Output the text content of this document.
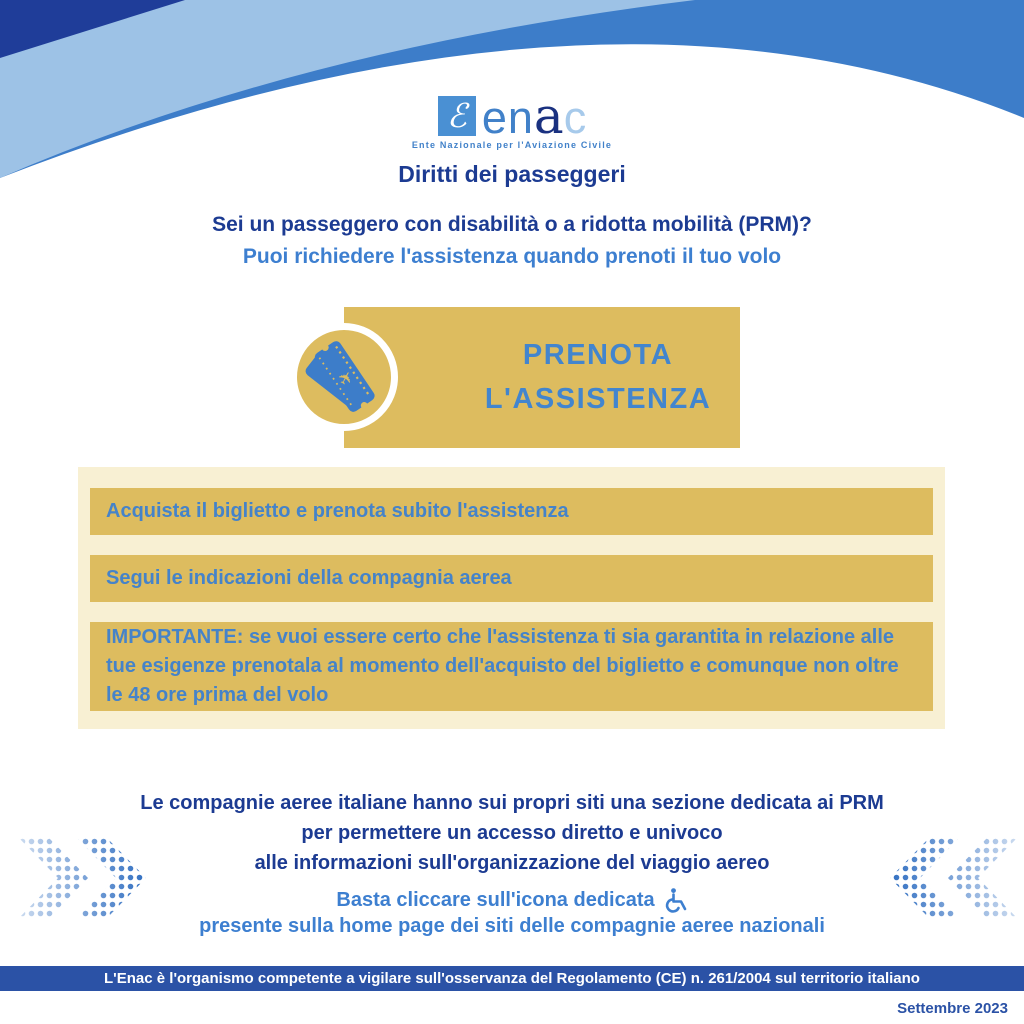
ℰ en a c
Ente Nazionale per l'Aviazione Civile
Diritti dei passeggeri
Sei un passeggero con disabilità o a ridotta mobilità (PRM)?
Puoi richiedere l'assistenza quando prenoti il tuo volo
PRENOTA L'ASSISTENZA
✈
Acquista il biglietto e prenota subito l'assistenza
Segui le indicazioni della compagnia aerea
IMPORTANTE: se vuoi essere certo che l'assistenza ti sia garantita in relazione alle tue esigenze prenotala al momento dell'acquisto del biglietto e comunque non oltre le 48 ore prima del volo
Le compagnie aeree italiane hanno sui propri siti una sezione dedicata ai PRM
per permettere un accesso diretto e univoco
alle informazioni sull'organizzazione del viaggio aereo
Basta cliccare sull'icona dedicata
presente sulla home page dei siti delle compagnie aeree nazionali
L'Enac è l'organismo competente a vigilare sull'osservanza del Regolamento (CE) n. 261/2004 sul territorio italiano
Settembre 2023
